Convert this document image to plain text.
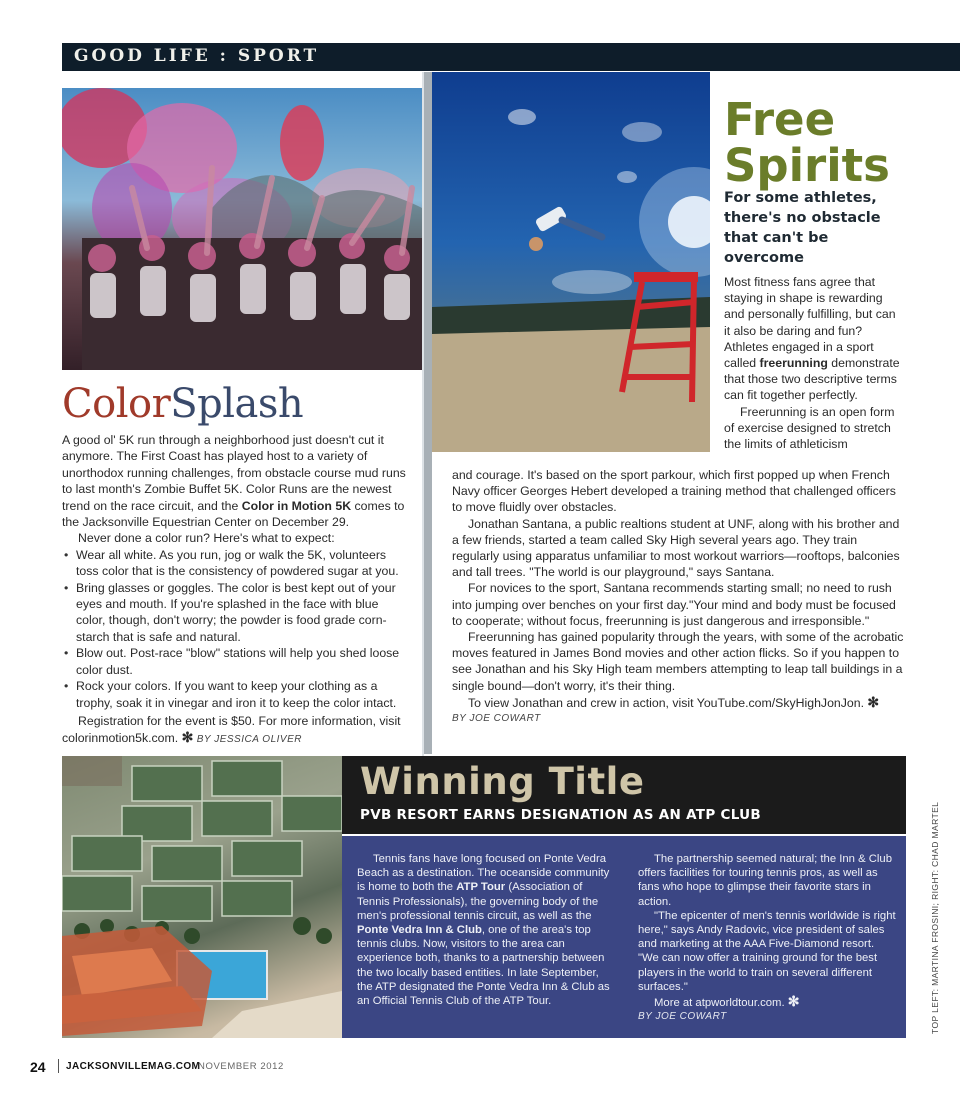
GOOD LIFE : SPORT
ColorSplash

A good ol' 5K run through a neighborhood just doesn't cut it anymore. The First Coast has played host to a variety of unorthodox running challenges, from obstacle course mud runs to last month's Zombie Buffet 5K. Color Runs are the newest trend on the race circuit, and the Color in Motion 5K comes to the Jacksonville Equestrian Center on December 29.

Never done a color run? Here's what to expect:

• Wear all white. As you run, jog or walk the 5K, volunteers toss color that is the consistency of powdered sugar at you.
• Bring glasses or goggles. The color is best kept out of your eyes and mouth. If you're splashed in the face with blue color, though, don't worry; the powder is food grade corn-starch that is safe and natural.
• Blow out. Post-race "blow" stations will help you shed loose color dust.
• Rock your colors. If you want to keep your clothing as a trophy, soak it in vinegar and iron it to keep the color intact.

Registration for the event is $50. For more information, visit colorinmotion5k.com. ✻ BY JESSICA OLIVER

Free
Spirits
For some athletes, there's no obstacle that can't be overcome

Most fitness fans agree that staying in shape is rewarding and personally fulfilling, but can it also be daring and fun? Athletes engaged in a sport called freerunning demonstrate that those two descriptive terms can fit together perfectly.

Freerunning is an open form of exercise designed to stretch the limits of athleticism

and courage. It's based on the sport parkour, which first popped up when French Navy officer Georges Hebert developed a training method that challenged officers to move fluidly over obstacles.

Jonathan Santana, a public realtions student at UNF, along with his brother and a few friends, started a team called Sky High several years ago. They train regularly using apparatus unfamiliar to most workout warriors—rooftops, balconies and tall trees. "The world is our playground," says Santana.

For novices to the sport, Santana recommends starting small; no need to rush into jumping over benches on your first day."Your mind and body must be focused to cooperate; without focus, freerunning is just dangerous and irresponsible."

Freerunning has gained popularity through the years, with some of the acrobatic moves featured in James Bond movies and other action flicks. So if you happen to see Jonathan and his Sky High team members attempting to leap tall buildings in a single bound—don't worry, it's their thing.

To view Jonathan and crew in action, visit YouTube.com/SkyHighJonJon. ✻

BY JOE COWART

Winning Title
PVB RESORT EARNS DESIGNATION AS AN ATP CLUB

Tennis fans have long focused on Ponte Vedra Beach as a destination. The oceanside community is home to both the ATP Tour (Association of Tennis Professionals), the governing body of the men's professional tennis circuit, as well as the Ponte Vedra Inn & Club, one of the area's top tennis clubs. Now, visitors to the area can experience both, thanks to a partnership between the two locally based entities. In late September, the ATP designated the Ponte Vedra Inn & Club as an Official Tennis Club of the ATP Tour.

The partnership seemed natural; the Inn & Club offers facilities for touring tennis pros, as well as fans who hope to glimpse their favorite stars in action.

"The epicenter of men's tennis worldwide is right here," says Andy Radovic, vice president of sales and marketing at the AAA Five-Diamond resort. "We can now offer a training ground for the best players in the world to train on several different surfaces."

More at atpworldtour.com. ✻

BY JOE COWART	TOP LEFT: MARTINA FROSINI; RIGHT: CHAD MARTEL
24 JACKSONVILLEMAG.COM
NOVEMBER 2012
